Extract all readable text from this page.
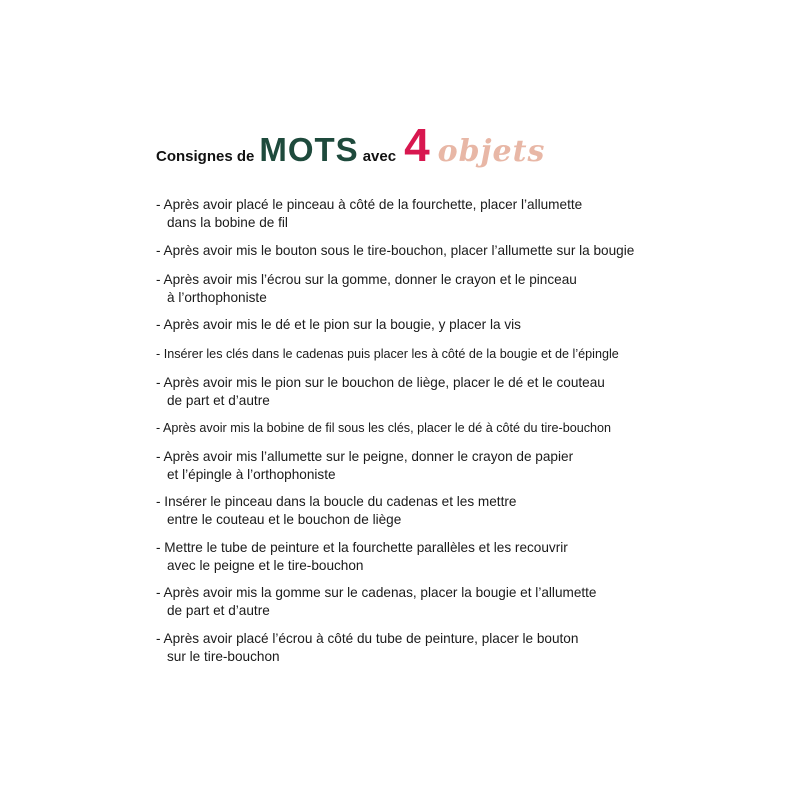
Consignes de MOTS avec 4 objets
- Après avoir placé le pinceau à côté de la fourchette, placer l’allumette
dans la bobine de fil
- Après avoir mis le bouton sous le tire-bouchon, placer l’allumette sur la bougie
- Après avoir mis l’écrou sur la gomme, donner le crayon et le pinceau
à l’orthophoniste
- Après avoir mis le dé et le pion sur la bougie, y placer la vis
- Insérer les clés dans le cadenas puis placer les à côté de la bougie et de l’épingle
- Après avoir mis le pion sur le bouchon de liège, placer le dé et le couteau
de part et d’autre
- Après avoir mis la bobine de fil sous les clés, placer le dé à côté du tire-bouchon
- Après avoir mis l’allumette sur le peigne, donner le crayon de papier
et l’épingle à l’orthophoniste
- Insérer le pinceau dans la boucle du cadenas et les mettre
entre le couteau et le bouchon de liège
- Mettre le tube de peinture et la fourchette parallèles et les recouvrir
avec le peigne et le tire-bouchon
- Après avoir mis la gomme sur le cadenas, placer la bougie et l’allumette
de part et d’autre
- Après avoir placé l’écrou à côté du tube de peinture, placer le bouton
sur le tire-bouchon
